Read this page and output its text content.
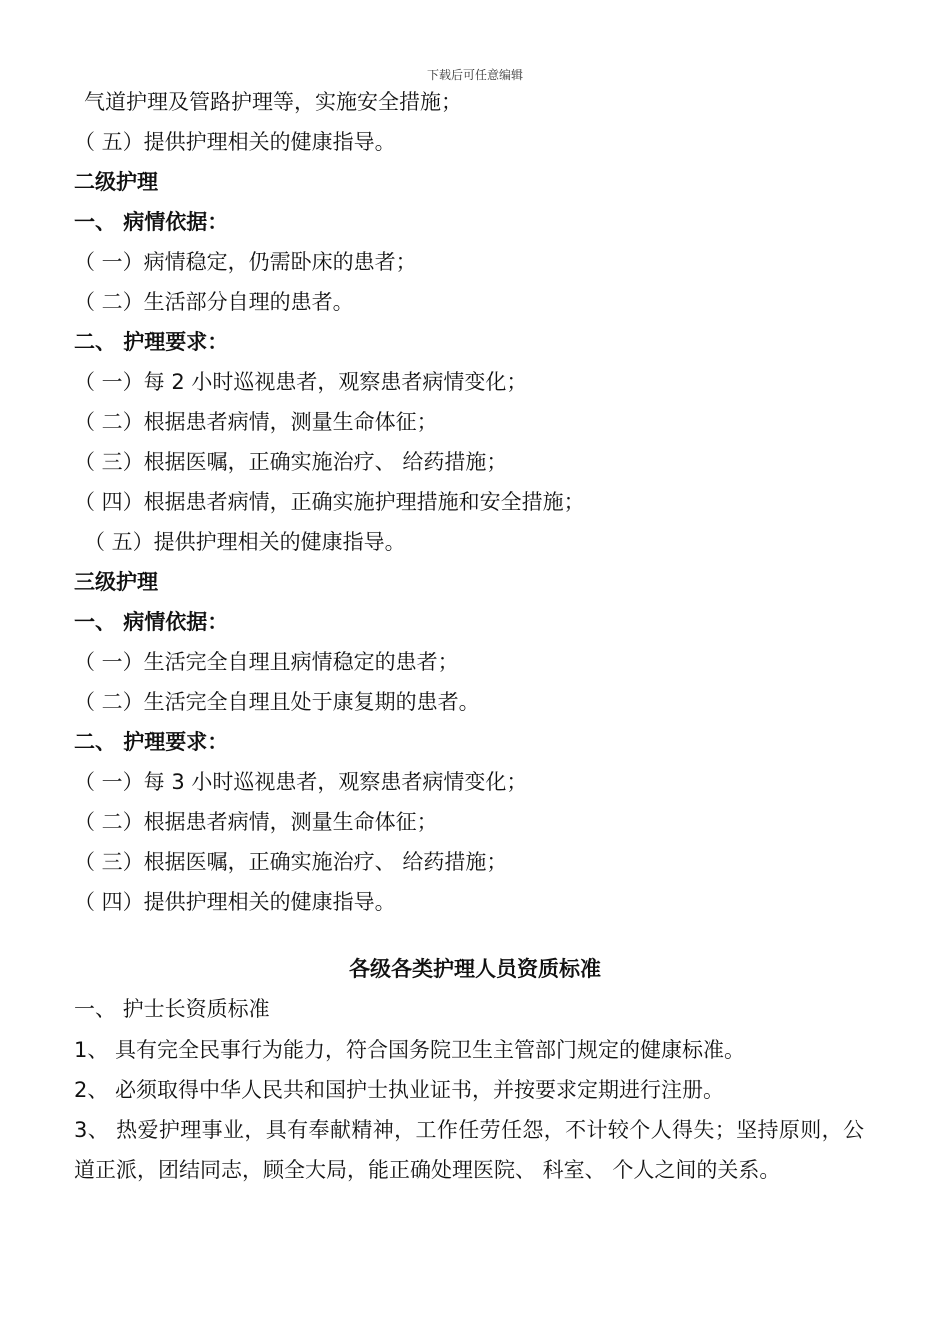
下载后可任意编辑
气道护理及管路护理等，实施安全措施；
（ 五）提供护理相关的健康指导。
二级护理
一、 病情依据：
（ 一）病情稳定，仍需卧床的患者；
（ 二）生活部分自理的患者。
二、 护理要求：
（ 一）每 2 小时巡视患者，观察患者病情变化；
（ 二）根据患者病情，测量生命体征；
（ 三）根据医嘱，正确实施治疗、 给药措施；
（ 四）根据患者病情，正确实施护理措施和安全措施；
（ 五）提供护理相关的健康指导。
三级护理
一、 病情依据：
（ 一）生活完全自理且病情稳定的患者；
（ 二）生活完全自理且处于康复期的患者。
二、 护理要求：
（ 一）每 3 小时巡视患者，观察患者病情变化；
（ 二）根据患者病情，测量生命体征；
（ 三）根据医嘱，正确实施治疗、 给药措施；
（ 四）提供护理相关的健康指导。
各级各类护理人员资质标准
一、 护士长资质标准
1、 具有完全民事行为能力，符合国务院卫生主管部门规定的健康标准。
2、 必须取得中华人民共和国护士执业证书，并按要求定期进行注册。
3、 热爱护理事业，具有奉献精神，工作任劳任怨，不计较个人得失；坚持原则，公道正派，团结同志，顾全大局，能正确处理医院、 科室、 个人之间的关系。
